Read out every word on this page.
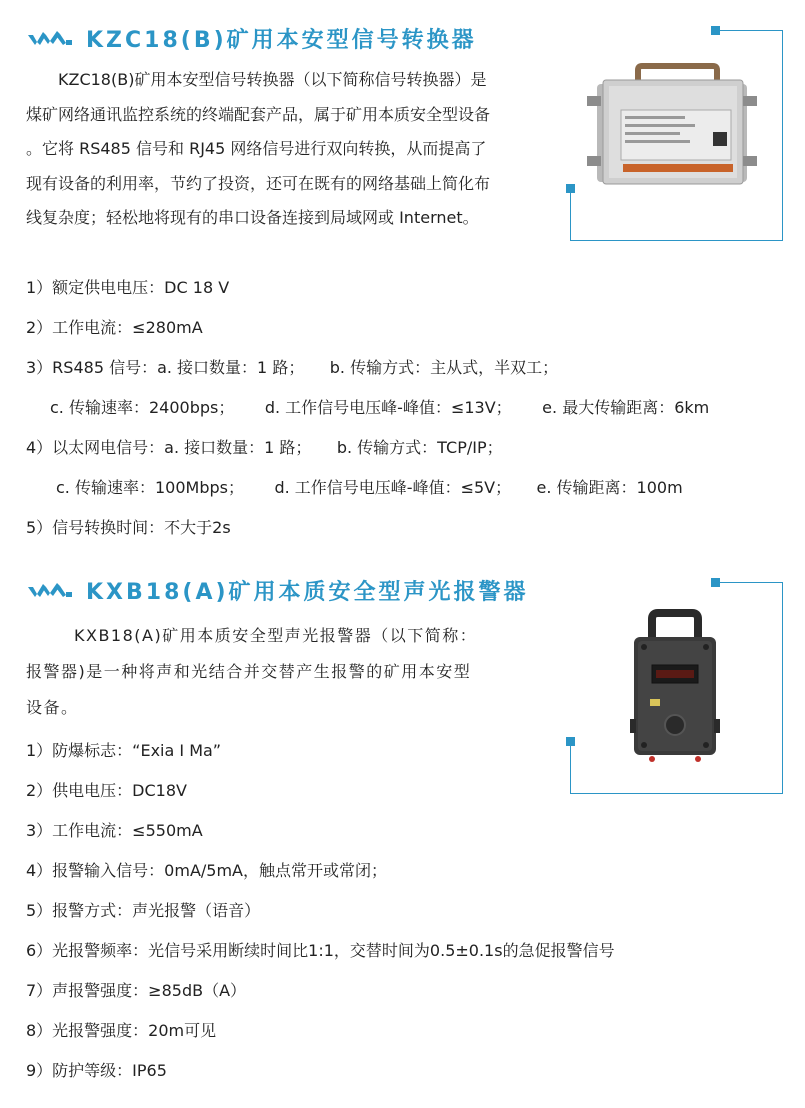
KZC18(B)矿用本安型信号转换器
KZC18(B)矿用本安型信号转换器（以下简称信号转换器）是
煤矿网络通讯监控系统的终端配套产品，属于矿用本质安全型设备
。它将 RS485 信号和 RJ45 网络信号进行双向转换，从而提高了
现有设备的利用率，节约了投资，还可在既有的网络基础上简化布
线复杂度；轻松地将现有的串口设备连接到局域网或 Internet。
1）额定供电电压：DC 18 V
2）工作电流：≤280mA
3）RS485 信号：a. 接口数量：1 路；     b. 传输方式：主从式，半双工；
c. 传输速率：2400bps；      d. 工作信号电压峰-峰值：≤13V；      e. 最大传输距离：6km
4）以太网电信号：a. 接口数量：1 路；     b. 传输方式：TCP/IP；
c. 传输速率：100Mbps；      d. 工作信号电压峰-峰值：≤5V；     e. 传输距离：100m
5）信号转换时间：不大于2s
KXB18(A)矿用本质安全型声光报警器
KXB18(A)矿用本质安全型声光报警器（以下简称：
报警器)是一种将声和光结合并交替产生报警的矿用本安型
设备。
1）防爆标志：“Exia I Ma”
2）供电电压：DC18V
3）工作电流：≤550mA
4）报警输入信号：0mA/5mA，触点常开或常闭；
5）报警方式：声光报警（语音）
6）光报警频率：光信号采用断续时间比1:1，交替时间为0.5±0.1s的急促报警信号
7）声报警强度：≥85dB（A）
8）光报警强度：20m可见
9）防护等级：IP65
